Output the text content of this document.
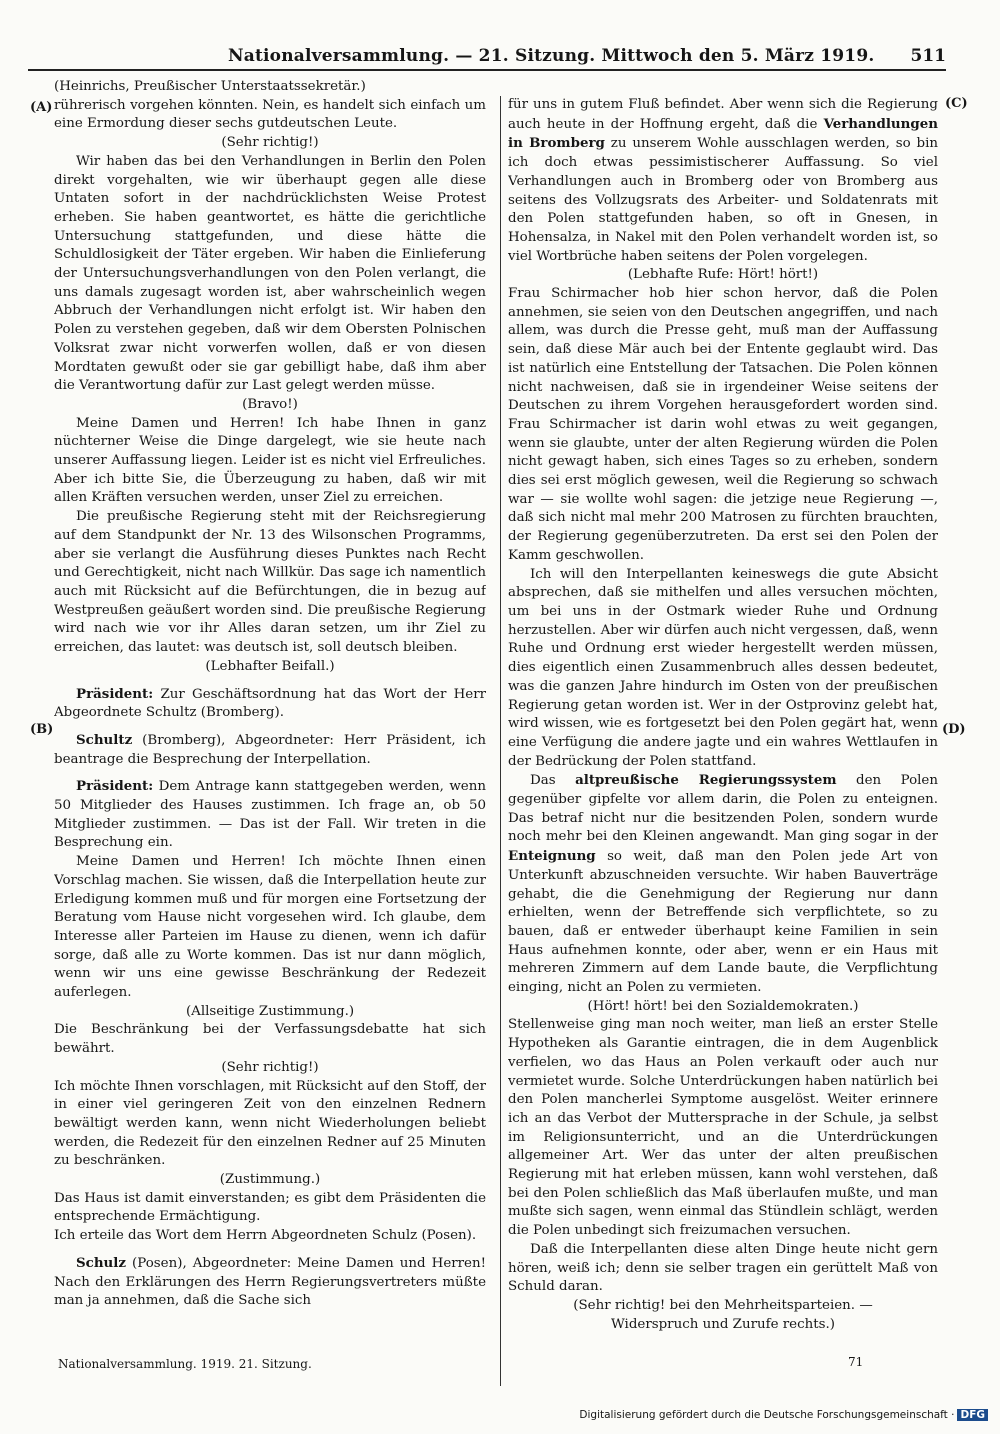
Nationalversammlung. — 21. Sitzung. Mittwoch den 5. März 1919. 511
(A)
(B)
(C)
(D)

(Heinrichs, Preußischer Unterstaatssekretär.)

rührerisch vorgehen könnten. Nein, es handelt sich einfach um eine Ermordung dieser sechs gutdeutschen Leute.

(Sehr richtig!)

Wir haben das bei den Verhandlungen in Berlin den Polen direkt vorgehalten, wie wir überhaupt gegen alle diese Untaten sofort in der nachdrücklichsten Weise Protest erheben. Sie haben geantwortet, es hätte die gerichtliche Untersuchung stattgefunden, und diese hätte die Schuldlosigkeit der Täter ergeben. Wir haben die Einlieferung der Untersuchungsverhandlungen von den Polen verlangt, die uns damals zugesagt worden ist, aber wahrscheinlich wegen Abbruch der Verhandlungen nicht erfolgt ist. Wir haben den Polen zu verstehen gegeben, daß wir dem Obersten Polnischen Volksrat zwar nicht vorwerfen wollen, daß er von diesen Mordtaten gewußt oder sie gar gebilligt habe, daß ihm aber die Verantwortung dafür zur Last gelegt werden müsse.

(Bravo!)

Meine Damen und Herren! Ich habe Ihnen in ganz nüchterner Weise die Dinge dargelegt, wie sie heute nach unserer Auffassung liegen. Leider ist es nicht viel Erfreuliches. Aber ich bitte Sie, die Überzeugung zu haben, daß wir mit allen Kräften versuchen werden, unser Ziel zu erreichen.

Die preußische Regierung steht mit der Reichsregierung auf dem Standpunkt der Nr. 13 des Wilsonschen Programms, aber sie verlangt die Ausführung dieses Punktes nach Recht und Gerechtigkeit, nicht nach Willkür. Das sage ich namentlich auch mit Rücksicht auf die Befürchtungen, die in bezug auf Westpreußen geäußert worden sind. Die preußische Regierung wird nach wie vor ihr Alles daran setzen, um ihr Ziel zu erreichen, das lautet: was deutsch ist, soll deutsch bleiben.

(Lebhafter Beifall.)

Präsident: Zur Geschäftsordnung hat das Wort der Herr Abgeordnete Schultz (Bromberg).

Schultz (Bromberg), Abgeordneter: Herr Präsident, ich beantrage die Besprechung der Interpellation.

Präsident: Dem Antrage kann stattgegeben werden, wenn 50 Mitglieder des Hauses zustimmen. Ich frage an, ob 50 Mitglieder zustimmen. — Das ist der Fall. Wir treten in die Besprechung ein.

Meine Damen und Herren! Ich möchte Ihnen einen Vorschlag machen. Sie wissen, daß die Interpellation heute zur Erledigung kommen muß und für morgen eine Fortsetzung der Beratung vom Hause nicht vorgesehen wird. Ich glaube, dem Interesse aller Parteien im Hause zu dienen, wenn ich dafür sorge, daß alle zu Worte kommen. Das ist nur dann möglich, wenn wir uns eine gewisse Beschränkung der Redezeit auferlegen.

(Allseitige Zustimmung.)

Die Beschränkung bei der Verfassungsdebatte hat sich bewährt.

(Sehr richtig!)

Ich möchte Ihnen vorschlagen, mit Rücksicht auf den Stoff, der in einer viel geringeren Zeit von den einzelnen Rednern bewältigt werden kann, wenn nicht Wiederholungen beliebt werden, die Redezeit für den einzelnen Redner auf 25 Minuten zu beschränken.

(Zustimmung.)

Das Haus ist damit einverstanden; es gibt dem Präsidenten die entsprechende Ermächtigung.

Ich erteile das Wort dem Herrn Abgeordneten Schulz (Posen).

Schulz (Posen), Abgeordneter: Meine Damen und Herren! Nach den Erklärungen des Herrn Regierungsvertreters müßte man ja annehmen, daß die Sache sich

Nationalversammlung. 1919. 21. Sitzung.

für uns in gutem Fluß befindet. Aber wenn sich die Regierung auch heute in der Hoffnung ergeht, daß die Verhandlungen in Bromberg zu unserem Wohle ausschlagen werden, so bin ich doch etwas pessimistischerer Auffassung. So viel Verhandlungen auch in Bromberg oder von Bromberg aus seitens des Vollzugsrats des Arbeiter- und Soldatenrats mit den Polen stattgefunden haben, so oft in Gnesen, in Hohensalza, in Nakel mit den Polen verhandelt worden ist, so viel Wortbrüche haben seitens der Polen vorgelegen.

(Lebhafte Rufe: Hört! hört!)

Frau Schirmacher hob hier schon hervor, daß die Polen annehmen, sie seien von den Deutschen angegriffen, und nach allem, was durch die Presse geht, muß man der Auffassung sein, daß diese Mär auch bei der Entente geglaubt wird. Das ist natürlich eine Entstellung der Tatsachen. Die Polen können nicht nachweisen, daß sie in irgendeiner Weise seitens der Deutschen zu ihrem Vorgehen herausgefordert worden sind. Frau Schirmacher ist darin wohl etwas zu weit gegangen, wenn sie glaubte, unter der alten Regierung würden die Polen nicht gewagt haben, sich eines Tages so zu erheben, sondern dies sei erst möglich gewesen, weil die Regierung so schwach war — sie wollte wohl sagen: die jetzige neue Regierung —, daß sich nicht mal mehr 200 Matrosen zu fürchten brauchten, der Regierung gegenüberzutreten. Da erst sei den Polen der Kamm geschwollen.

Ich will den Interpellanten keineswegs die gute Absicht absprechen, daß sie mithelfen und alles versuchen möchten, um bei uns in der Ostmark wieder Ruhe und Ordnung herzustellen. Aber wir dürfen auch nicht vergessen, daß, wenn Ruhe und Ordnung erst wieder hergestellt werden müssen, dies eigentlich einen Zusammenbruch alles dessen bedeutet, was die ganzen Jahre hindurch im Osten von der preußischen Regierung getan worden ist. Wer in der Ostprovinz gelebt hat, wird wissen, wie es fortgesetzt bei den Polen gegärt hat, wenn eine Verfügung die andere jagte und ein wahres Wettlaufen in der Bedrückung der Polen stattfand.

Das altpreußische Regierungssystem den Polen gegenüber gipfelte vor allem darin, die Polen zu enteignen. Das betraf nicht nur die besitzenden Polen, sondern wurde noch mehr bei den Kleinen angewandt. Man ging sogar in der Enteignung so weit, daß man den Polen jede Art von Unterkunft abzuschneiden versuchte. Wir haben Bauverträge gehabt, die die Genehmigung der Regierung nur dann erhielten, wenn der Betreffende sich verpflichtete, so zu bauen, daß er entweder überhaupt keine Familien in sein Haus aufnehmen konnte, oder aber, wenn er ein Haus mit mehreren Zimmern auf dem Lande baute, die Verpflichtung einging, nicht an Polen zu vermieten.

(Hört! hört! bei den Sozialdemokraten.)

Stellenweise ging man noch weiter, man ließ an erster Stelle Hypotheken als Garantie eintragen, die in dem Augenblick verfielen, wo das Haus an Polen verkauft oder auch nur vermietet wurde. Solche Unterdrückungen haben natürlich bei den Polen mancherlei Symptome ausgelöst. Weiter erinnere ich an das Verbot der Muttersprache in der Schule, ja selbst im Religionsunterricht, und an die Unterdrückungen allgemeiner Art. Wer das unter der alten preußischen Regierung mit hat erleben müssen, kann wohl verstehen, daß bei den Polen schließlich das Maß überlaufen mußte, und man mußte sich sagen, wenn einmal das Stündlein schlägt, werden die Polen unbedingt sich freizumachen versuchen.

Daß die Interpellanten diese alten Dinge heute nicht gern hören, weiß ich; denn sie selber tragen ein gerüttelt Maß von Schuld daran.

(Sehr richtig! bei den Mehrheitsparteien. —

Widerspruch und Zurufe rechts.)

71
Digitalisierung gefördert durch die Deutsche Forschungsgemeinschaft · DFG
